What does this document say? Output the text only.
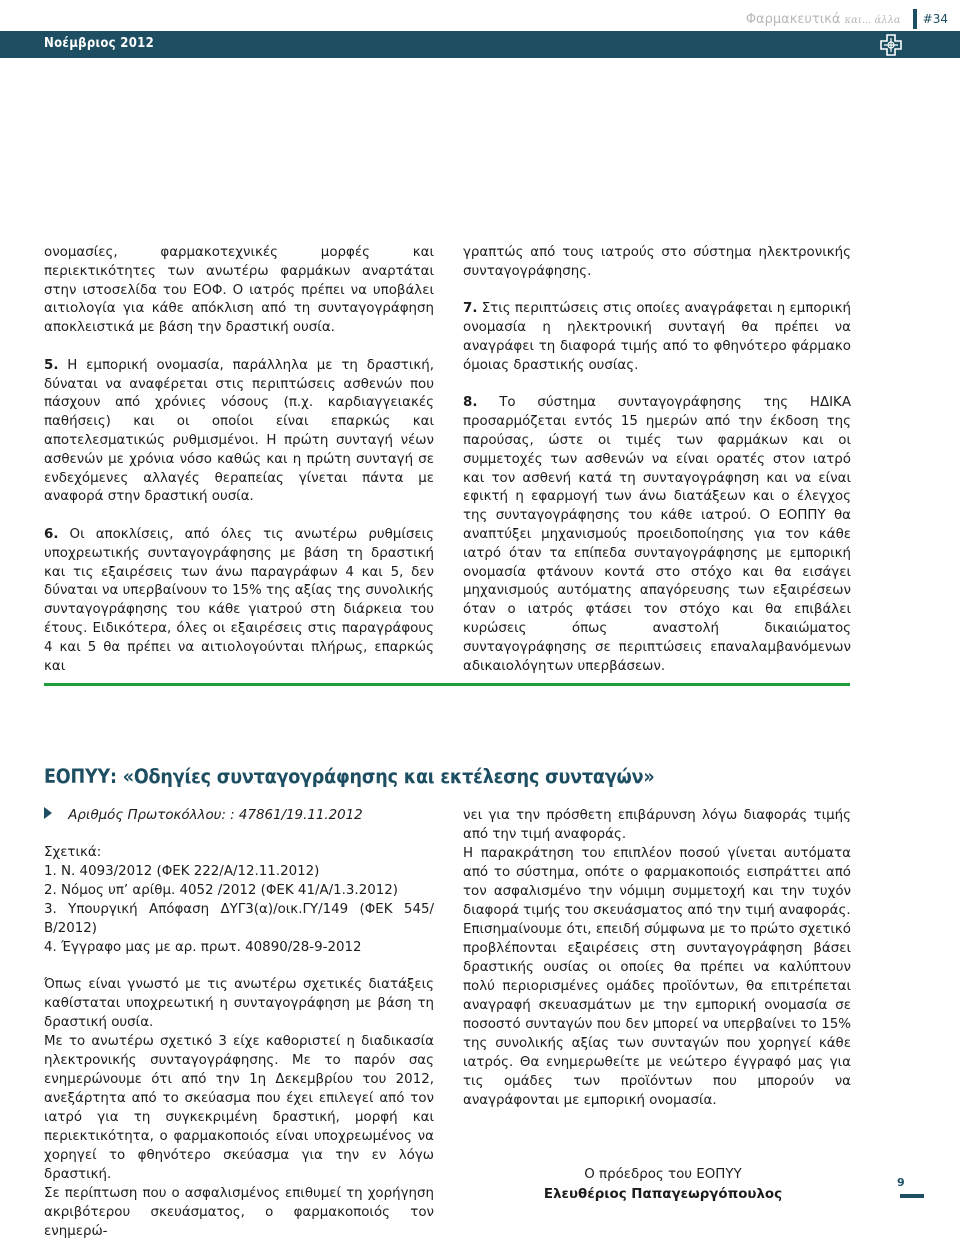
Φαρμακευτικά και... άλλα #34
Νοέμβριος 2012

ονομασίες, φαρμακοτεχνικές μορφές και περιεκτικότητες των ανωτέρω φαρμάκων αναρτάται στην ιστοσελίδα του ΕΟΦ. Ο ιατρός πρέπει να υποβάλει αιτιολογία για κάθε απόκλιση από τη συνταγογράφηση αποκλειστικά με βάση την δραστική ουσία.

5. Η εμπορική ονομασία, παράλληλα με τη δραστική, δύναται να αναφέρεται στις περιπτώσεις ασθενών που πάσχουν από χρόνιες νόσους (π.χ. καρδιαγγειακές παθήσεις) και οι οποίοι είναι επαρκώς και αποτελεσματικώς ρυθμισμένοι. Η πρώτη συνταγή νέων ασθενών με χρόνια νόσο καθώς και η πρώτη συνταγή σε ενδεχόμενες αλλαγές θεραπείας γίνεται πάντα με αναφορά στην δραστική ουσία.

6. Οι αποκλίσεις, από όλες τις ανωτέρω ρυθμίσεις υποχρεωτικής συνταγογράφησης με βάση τη δραστική και τις εξαιρέσεις των άνω παραγράφων 4 και 5, δεν δύναται να υπερβαίνουν το 15% της αξίας της συνολικής συνταγογράφησης του κάθε γιατρού στη διάρκεια του έτους. Ειδικότερα, όλες οι εξαιρέσεις στις παραγράφους 4 και 5 θα πρέπει να αιτιολογούνται πλήρως, επαρκώς και

γραπτώς από τους ιατρούς στο σύστημα ηλεκτρονικής συνταγογράφησης.

7. Στις περιπτώσεις στις οποίες αναγράφεται η εμπορική ονομασία η ηλεκτρονική συνταγή θα πρέπει να αναγράφει τη διαφορά τιμής από το φθηνότερο φάρμακο όμοιας δραστικής ουσίας.

8. Το σύστημα συνταγογράφησης της ΗΔΙΚΑ προσαρμόζεται εντός 15 ημερών από την έκδοση της παρούσας, ώστε οι τιμές των φαρμάκων και οι συμμετοχές των ασθενών να είναι ορατές στον ιατρό και τον ασθενή κατά τη συνταγογράφηση και να είναι εφικτή η εφαρμογή των άνω διατάξεων και ο έλεγχος της συνταγογράφησης του κάθε ιατρού. Ο ΕΟΠΠΥ θα αναπτύξει μηχανισμούς προειδοποίησης για τον κάθε ιατρό όταν τα επίπεδα συνταγογράφησης με εμπορική ονομασία φτάνουν κοντά στο στόχο και θα εισάγει μηχανισμούς αυτόματης απαγόρευσης των εξαιρέσεων όταν ο ιατρός φτάσει τον στόχο και θα επιβάλει κυρώσεις όπως αναστολή δικαιώματος συνταγογράφησης σε περιπτώσεις επαναλαμβανόμενων αδικαιολόγητων υπερβάσεων.

ΕΟΠΥΥ: «Οδηγίες συνταγογράφησης και εκτέλεσης συνταγών»
Αριθμός Πρωτοκόλλου: : 47861/19.11.2012
Σχετικά:
1. Ν. 4093/2012 (ΦΕΚ 222/Α/12.11.2012)
2. Νόμος υπ’ αρίθμ. 4052 /2012 (ΦΕΚ 41/Α/1.3.2012)
3. Υπουργική Απόφαση ΔΥΓ3(α)/οικ.ΓΥ/149 (ΦΕΚ 545/
Β/2012)
4. Έγγραφο μας με αρ. πρωτ. 40890/28-9-2012
Όπως είναι γνωστό με τις ανωτέρω σχετικές διατάξεις καθίσταται υποχρεωτική η συνταγογράφηση με βάση τη δραστική ουσία.
Με το ανωτέρω σχετικό 3 είχε καθοριστεί η διαδικασία ηλεκτρονικής συνταγογράφησης. Με το παρόν σας ενημερώνουμε ότι από την 1η Δεκεμβρίου του 2012, ανεξάρτητα από το σκεύασμα που έχει επιλεγεί από τον ιατρό για τη συγκεκριμένη δραστική, μορφή και περιεκτικότητα, ο φαρμακοποιός είναι υποχρεωμένος να χορηγεί το φθηνότερο σκεύασμα για την εν λόγω δραστική.
Σε περίπτωση που ο ασφαλισμένος επιθυμεί τη χορήγηση ακριβότερου σκευάσματος, ο φαρμακοποιός τον ενημερώ-
νει για την πρόσθετη επιβάρυνση λόγω διαφοράς τιμής από την τιμή αναφοράς.
Η παρακράτηση του επιπλέον ποσού γίνεται αυτόματα από το σύστημα, οπότε ο φαρμακοποιός εισπράττει από τον ασφαλισμένο την νόμιμη συμμετοχή και την τυχόν διαφορά τιμής του σκευάσματος από την τιμή αναφοράς.
Επισημαίνουμε ότι, επειδή σύμφωνα με το πρώτο σχετικό προβλέπονται εξαιρέσεις στη συνταγογράφηση βάσει δραστικής ουσίας οι οποίες θα πρέπει να καλύπτουν πολύ περιορισμένες ομάδες προϊόντων, θα επιτρέπεται αναγραφή σκευασμάτων με την εμπορική ονομασία σε ποσοστό συνταγών που δεν μπορεί να υπερβαίνει το 15% της συνολικής αξίας των συνταγών που χορηγεί κάθε ιατρός. Θα ενημερωθείτε με νεώτερο έγγραφό μας για τις ομάδες των προϊόντων που μπορούν να αναγράφονται με εμπορική ονομασία.
Ο πρόεδρος του ΕΟΠΥΥ
Ελευθέριος Παπαγεωργόπουλος
9
